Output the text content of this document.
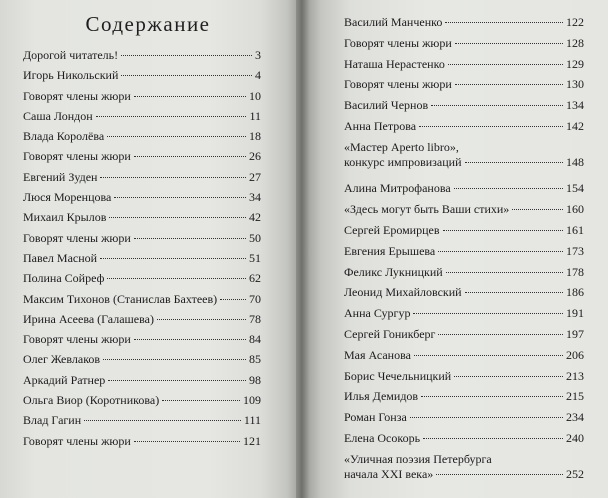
Содержание
Дорогой читатель!	3
Игорь Никольский	4
Говорят члены жюри	10
Саша Лондон	11
Влада Королёва	18
Говорят члены жюри	26
Евгений Зуден	27
Люся Моренцова	34
Михаил Крылов	42
Говорят члены жюри	50
Павел Масной	51
Полина Сойреф	62
Максим Тихонов (Станислав Бахтеев)	70
Ирина Асеева (Галашева)	78
Говорят члены жюри	84
Олег Жевлаков	85
Аркадий Ратнер	98
Ольга Виор (Коротникова)	109
Влад Гагин	111
Говорят члены жюри	121
Василий Манченко	122
Говорят члены жюри	128
Наташа Нерастенко	129
Говорят члены жюри	130
Василий Чернов	134
Анна Петрова	142
«Мастер Aperto libro»,
конкурс импровизаций	148
Алина Митрофанова	154
«Здесь могут быть Ваши стихи»	160
Сергей Еромирцев	161
Евгения Ерышева	173
Феликс Лукницкий	178
Леонид Михайловский	186
Анна Сургур	191
Сергей Гоникберг	197
Мая Асанова	206
Борис Чечельницкий	213
Илья Демидов	215
Роман Гонза	234
Елена Осокорь	240
«Уличная поэзия Петербурга
начала XXI века»	252
